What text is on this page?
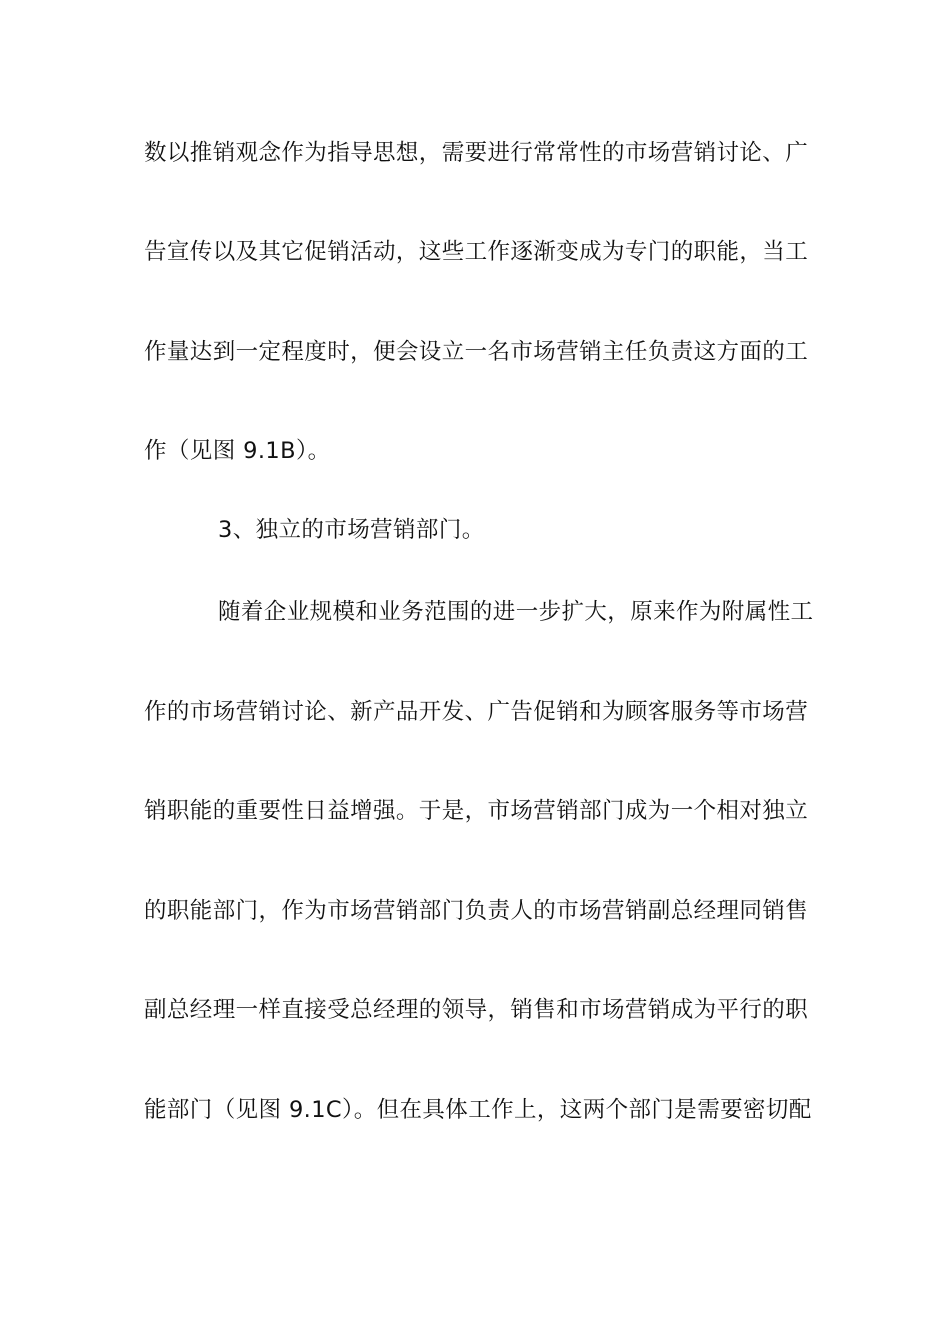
数以推销观念作为指导思想，需要进行常常性的市场营销讨论、广
告宣传以及其它促销活动，这些工作逐渐变成为专门的职能，当工
作量达到一定程度时，便会设立一名市场营销主任负责这方面的工
作（见图 9.1B）。
3、独立的市场营销部门。
随着企业规模和业务范围的进一步扩大，原来作为附属性工
作的市场营销讨论、新产品开发、广告促销和为顾客服务等市场营
销职能的重要性日益增强。于是，市场营销部门成为一个相对独立
的职能部门，作为市场营销部门负责人的市场营销副总经理同销售
副总经理一样直接受总经理的领导，销售和市场营销成为平行的职
能部门（见图 9.1C）。但在具体工作上，这两个部门是需要密切配
